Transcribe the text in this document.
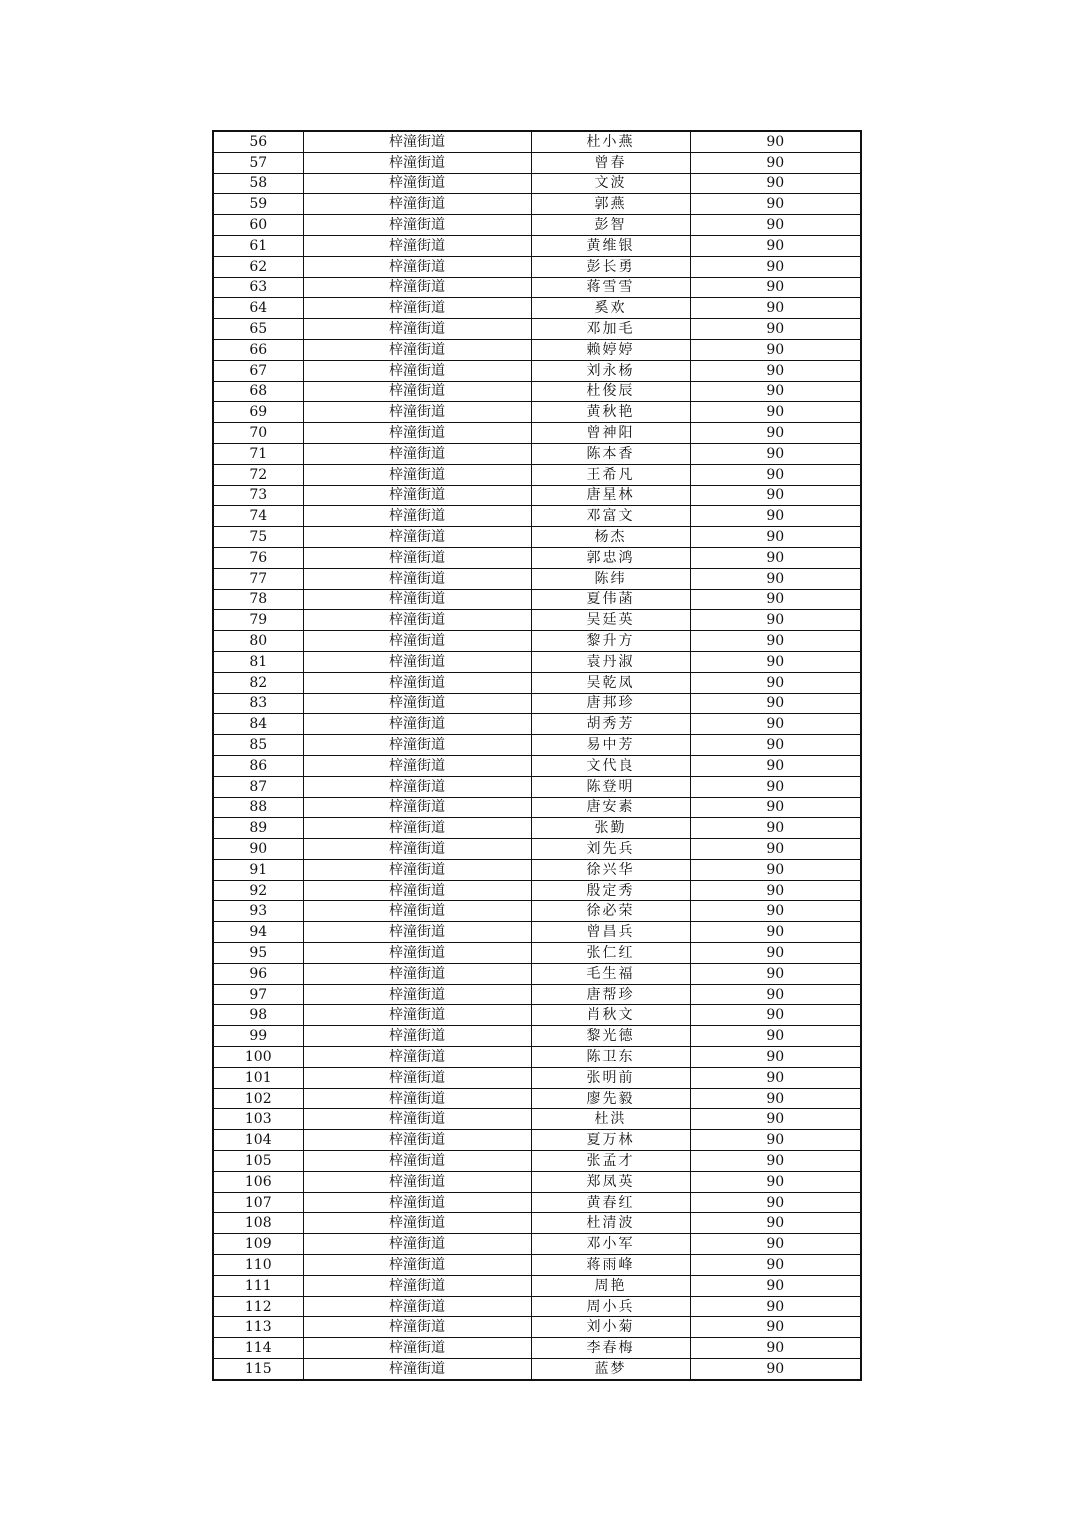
56	梓潼街道	杜小燕	90
57	梓潼街道	曾春	90
58	梓潼街道	文波	90
59	梓潼街道	郭燕	90
60	梓潼街道	彭智	90
61	梓潼街道	黄维银	90
62	梓潼街道	彭长勇	90
63	梓潼街道	蒋雪雪	90
64	梓潼街道	奚欢	90
65	梓潼街道	邓加毛	90
66	梓潼街道	赖婷婷	90
67	梓潼街道	刘永杨	90
68	梓潼街道	杜俊辰	90
69	梓潼街道	黄秋艳	90
70	梓潼街道	曾神阳	90
71	梓潼街道	陈本香	90
72	梓潼街道	王希凡	90
73	梓潼街道	唐星林	90
74	梓潼街道	邓富文	90
75	梓潼街道	杨杰	90
76	梓潼街道	郭忠鸿	90
77	梓潼街道	陈纬	90
78	梓潼街道	夏伟菡	90
79	梓潼街道	吴廷英	90
80	梓潼街道	黎升方	90
81	梓潼街道	袁丹淑	90
82	梓潼街道	吴乾凤	90
83	梓潼街道	唐邦珍	90
84	梓潼街道	胡秀芳	90
85	梓潼街道	易中芳	90
86	梓潼街道	文代良	90
87	梓潼街道	陈登明	90
88	梓潼街道	唐安素	90
89	梓潼街道	张勤	90
90	梓潼街道	刘先兵	90
91	梓潼街道	徐兴华	90
92	梓潼街道	殷定秀	90
93	梓潼街道	徐必荣	90
94	梓潼街道	曾昌兵	90
95	梓潼街道	张仁红	90
96	梓潼街道	毛生福	90
97	梓潼街道	唐帮珍	90
98	梓潼街道	肖秋文	90
99	梓潼街道	黎光德	90
100	梓潼街道	陈卫东	90
101	梓潼街道	张明前	90
102	梓潼街道	廖先毅	90
103	梓潼街道	杜洪	90
104	梓潼街道	夏万林	90
105	梓潼街道	张孟才	90
106	梓潼街道	郑凤英	90
107	梓潼街道	黄春红	90
108	梓潼街道	杜清波	90
109	梓潼街道	邓小军	90
110	梓潼街道	蒋雨峰	90
111	梓潼街道	周艳	90
112	梓潼街道	周小兵	90
113	梓潼街道	刘小菊	90
114	梓潼街道	李春梅	90
115	梓潼街道	蓝梦	90
